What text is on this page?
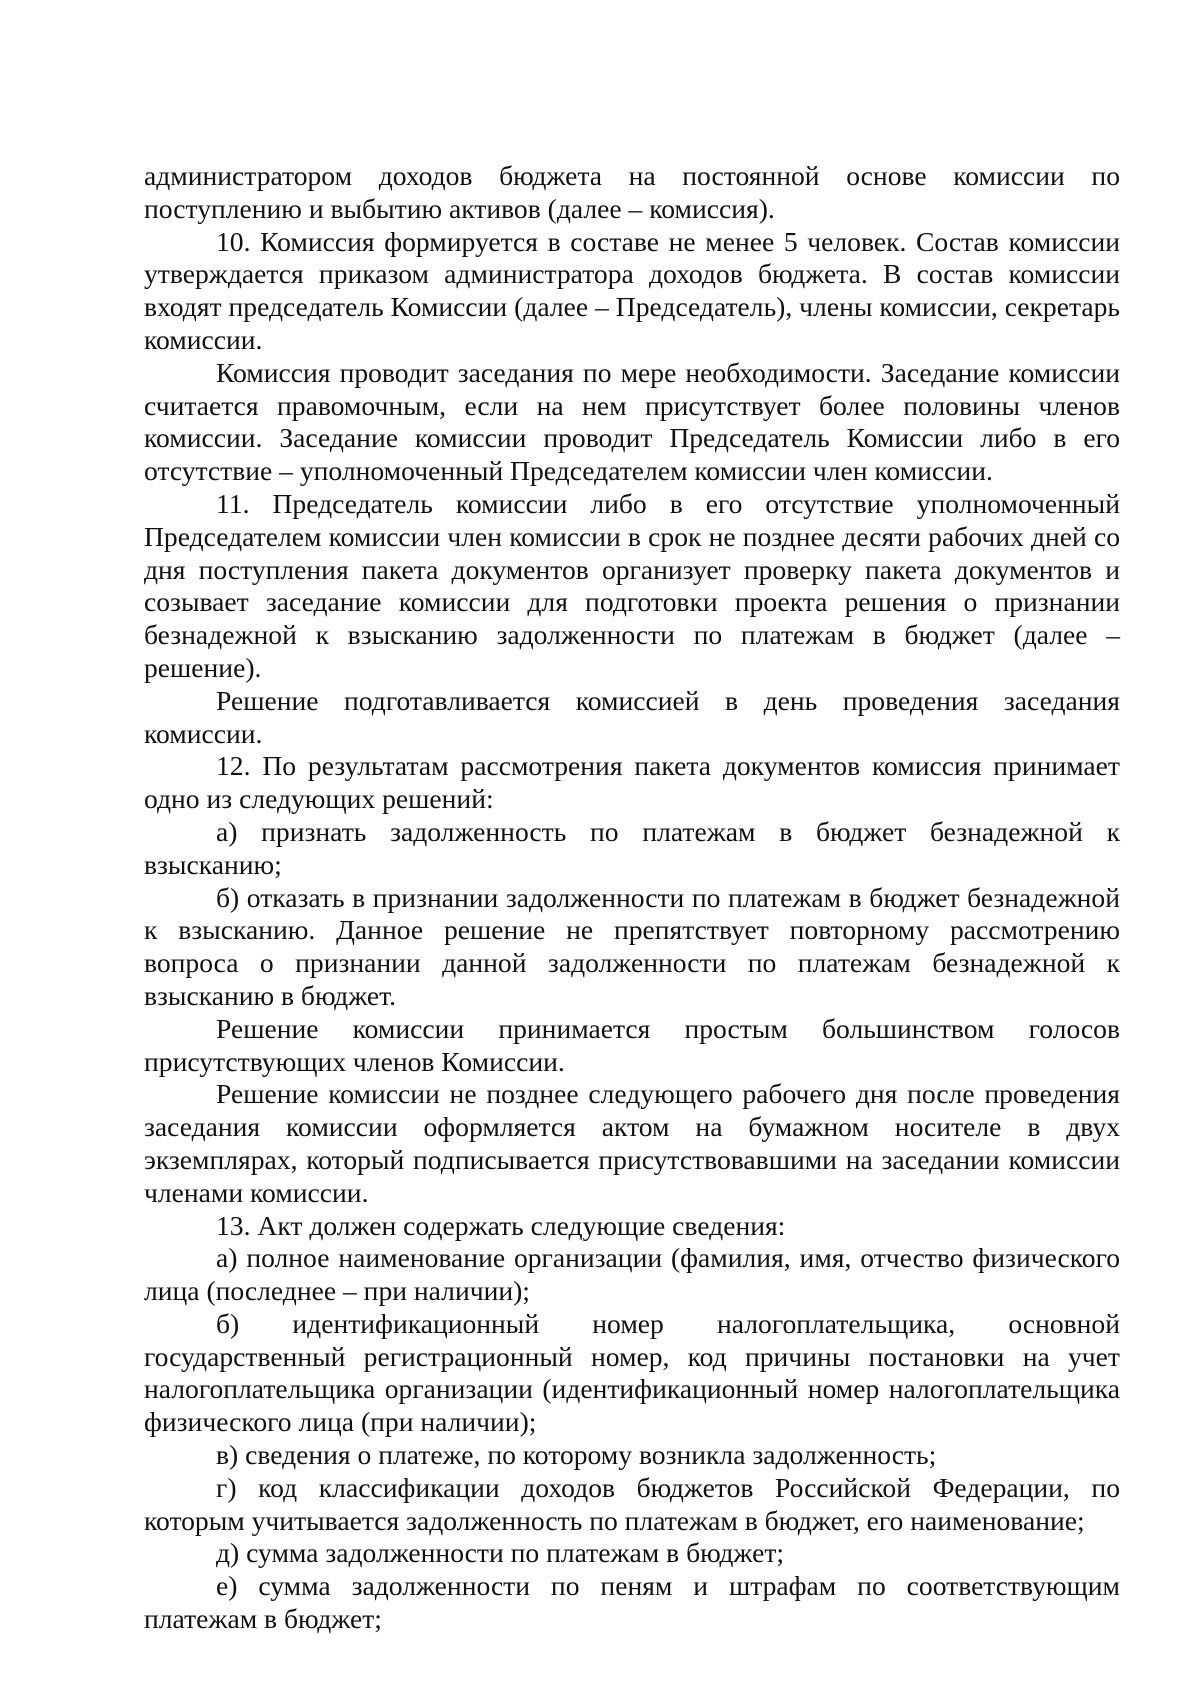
администратором доходов бюджета на постоянной основе комиссии по поступлению и выбытию активов (далее – комиссия).

10. Комиссия формируется в составе не менее 5 человек. Состав комиссии утверждается приказом администратора доходов бюджета. В состав комиссии входят председатель Комиссии (далее – Председатель), члены комиссии, секретарь комиссии.

Комиссия проводит заседания по мере необходимости. Заседание комиссии считается правомочным, если на нем присутствует более половины членов комиссии. Заседание комиссии проводит Председатель Комиссии либо в его отсутствие – уполномоченный Председателем комиссии член комиссии.

11. Председатель комиссии либо в его отсутствие уполномоченный Председателем комиссии член комиссии в срок не позднее десяти рабочих дней со дня поступления пакета документов организует проверку пакета документов и созывает заседание комиссии для подготовки проекта решения о признании безнадежной к взысканию задолженности по платежам в бюджет (далее – решение).

Решение подготавливается комиссией в день проведения заседания комиссии.

12. По результатам рассмотрения пакета документов комиссия принимает одно из следующих решений:

а) признать задолженность по платежам в бюджет безнадежной к взысканию;

б) отказать в признании задолженности по платежам в бюджет безнадежной к взысканию. Данное решение не препятствует повторному рассмотрению вопроса о признании данной задолженности по платежам безнадежной к взысканию в бюджет.

Решение комиссии принимается простым большинством голосов присутствующих членов Комиссии.

Решение комиссии не позднее следующего рабочего дня после проведения заседания комиссии оформляется актом на бумажном носителе в двух экземплярах, который подписывается присутствовавшими на заседании комиссии членами комиссии.

13. Акт должен содержать следующие сведения:

а) полное наименование организации (фамилия, имя, отчество физического лица (последнее – при наличии);

б) идентификационный номер налогоплательщика, основной государственный регистрационный номер, код причины постановки на учет налогоплательщика организации (идентификационный номер налогоплательщика физического лица (при наличии);

в) сведения о платеже, по которому возникла задолженность;

г) код классификации доходов бюджетов Российской Федерации, по которым учитывается задолженность по платежам в бюджет, его наименование;

д) сумма задолженности по платежам в бюджет;

е) сумма задолженности по пеням и штрафам по соответствующим платежам в бюджет;
